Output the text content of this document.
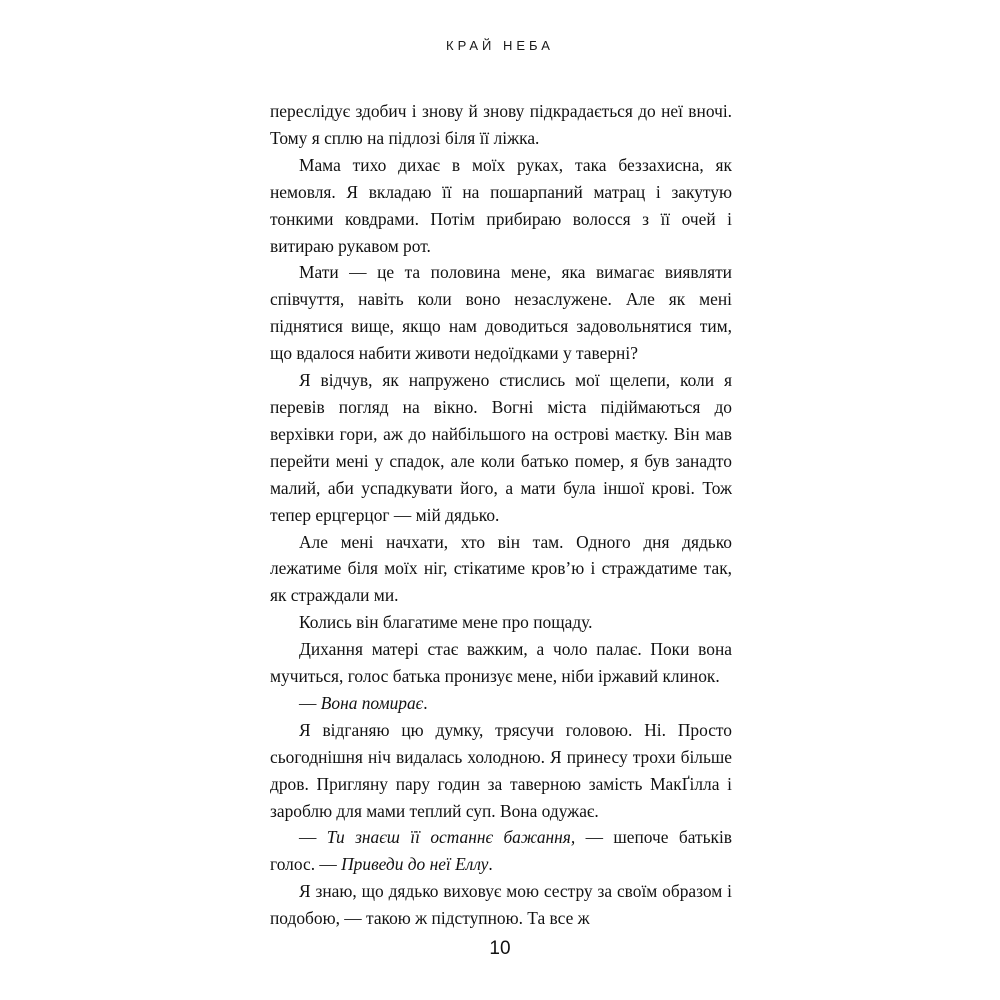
КРАЙ НЕБА

переслідує здобич і знову й знову підкрадається до неї вночі. Тому я сплю на підлозі біля її ліжка.

Мама тихо дихає в моїх руках, така беззахисна, як немовля. Я вкладаю її на пошарпаний матрац і закутую тонкими ковдрами. Потім прибираю волосся з її очей і витираю рукавом рот.

Мати — це та половина мене, яка вимагає виявляти співчуття, навіть коли воно незаслужене. Але як мені піднятися вище, якщо нам доводиться задовольнятися тим, що вдалося набити животи недоїдками у таверні?

Я відчув, як напружено стислись мої щелепи, коли я перевів погляд на вікно. Вогні міста підіймаються до верхівки гори, аж до найбільшого на острові маєтку. Він мав перейти мені у спадок, але коли батько помер, я був занадто малий, аби успадкувати його, а мати була іншої крові. Тож тепер ерцгерцог — мій дядько.

Але мені начхати, хто він там. Одного дня дядько лежатиме біля моїх ніг, стікатиме кров’ю і страждатиме так, як страждали ми.

Колись він благатиме мене про пощаду.

Дихання матері стає важким, а чоло палає. Поки вона мучиться, голос батька пронизує мене, ніби іржавий клинок.

— Вона помирає.

Я відганяю цю думку, трясучи головою. Ні. Просто сьогоднішня ніч видалась холодною. Я принесу трохи більше дров. Пригляну пару годин за таверною замість МакҐілла і зароблю для мами теплий суп. Вона одужає.

— Ти знаєш її останнє бажання, — шепоче батьків голос. — Приведи до неї Еллу.

Я знаю, що дядько виховує мою сестру за своїм образом і подобою, — такою ж підступною. Та все ж

10
